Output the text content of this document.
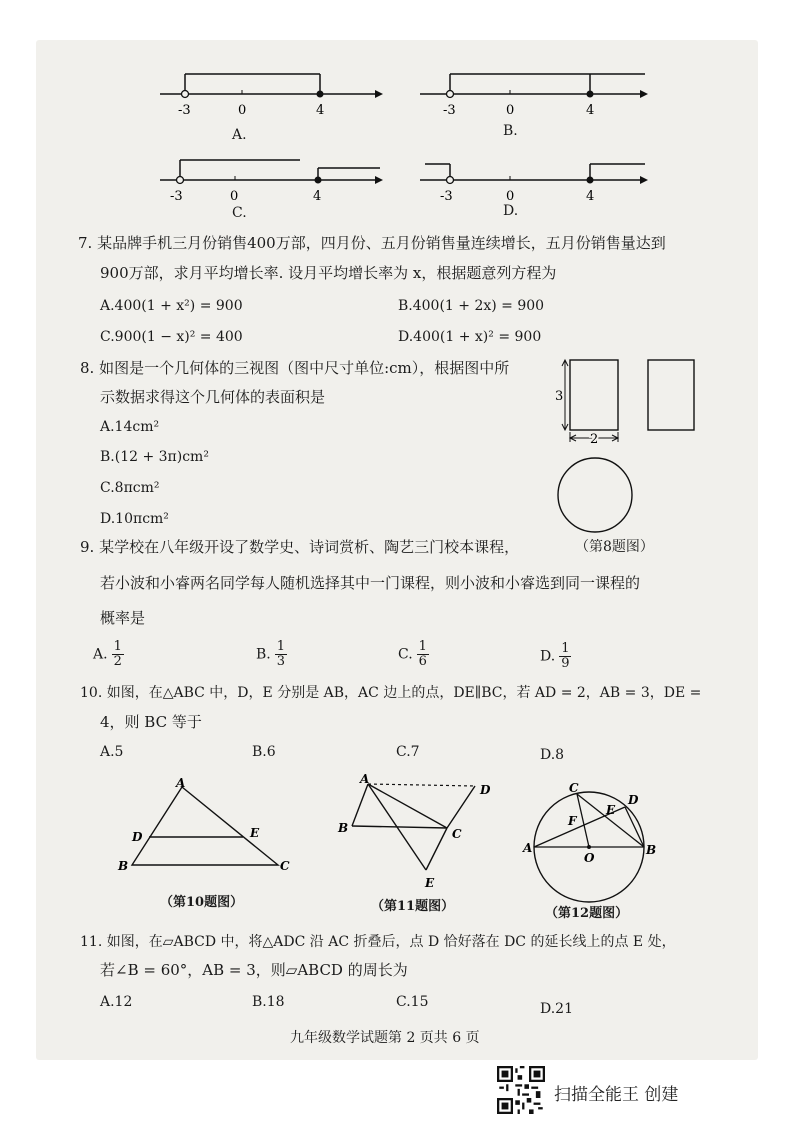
-3	0	4
A.
-3	0	4
B.
-3	0	4
C.
-3	0	4
D.
7. 某品牌手机三月份销售400万部，四月份、五月份销售量连续增长，五月份销售量达到
900万部，求月平均增长率. 设月平均增长率为 x，根据题意列方程为
A.400(1 + x²) = 900	B.400(1 + 2x) = 900
C.900(1 − x)² = 400	D.400(1 + x)² = 900
8. 如图是一个几何体的三视图（图中尺寸单位:cm），根据图中所
示数据求得这个几何体的表面积是
A.14cm²
B.(12 + 3π)cm²
C.8πcm²
D.10πcm²
3
2
（第8题图）
9. 某学校在八年级开设了数学史、诗词赏析、陶艺三门校本课程，
若小波和小睿两名同学每人随机选择其中一门课程，则小波和小睿选到同一课程的
概率是
A. $\frac{1}{2}$	B. $\frac{1}{3}$	C. $\frac{1}{6}$	D. $\frac{1}{9}$
10. 如图，在△ABC 中，D，E 分别是 AB，AC 边上的点，DE∥BC，若 AD = 2，AB = 3，DE =
4，则 BC 等于
A.5	B.6	C.7	D.8
A
B	C
D	E
（第10题图）
A
B	C
D
E
（第11题图）
A	B
C
D
E
F
O
（第12题图）
11. 如图，在▱ABCD 中，将△ADC 沿 AC 折叠后，点 D 恰好落在 DC 的延长线上的点 E 处，
若∠B = 60°，AB = 3，则▱ABCD 的周长为
A.12	B.18	C.15	D.21
九年级数学试题第 2 页共 6 页
扫描全能王 创建
